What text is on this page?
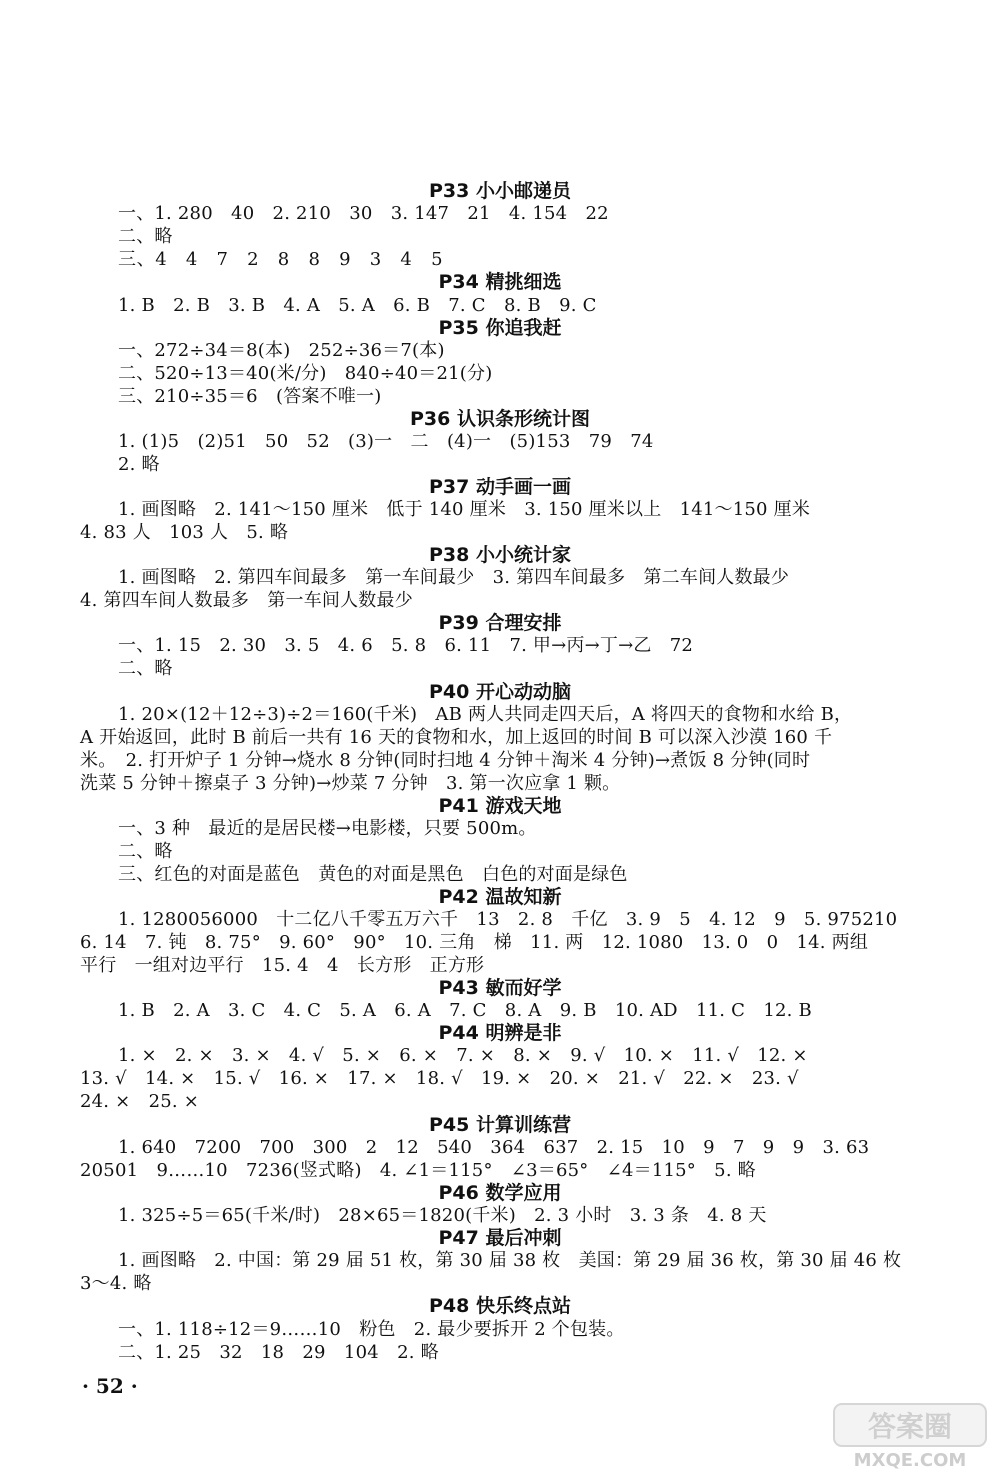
P33 小小邮递员
一、1. 280　40　2. 210　30　3. 147　21　4. 154　22
二、略
三、4　4　7　2　8　8　9　3　4　5
P34 精挑细选
1. B　2. B　3. B　4. A　5. A　6. B　7. C　8. B　9. C
P35 你追我赶
一、272÷34＝8(本)　252÷36＝7(本)
二、520÷13＝40(米/分)　840÷40＝21(分)
三、210÷35＝6　(答案不唯一)
P36 认识条形统计图
1. (1)5　(2)51　50　52　(3)一　二　(4)一　(5)153　79　74
2. 略
P37 动手画一画
1. 画图略　2. 141～150 厘米　低于 140 厘米　3. 150 厘米以上　141～150 厘米
4. 83 人　103 人　5. 略
P38 小小统计家
1. 画图略　2. 第四车间最多　第一车间最少　3. 第四车间最多　第二车间人数最少
4. 第四车间人数最多　第一车间人数最少
P39 合理安排
一、1. 15　2. 30　3. 5　4. 6　5. 8　6. 11　7. 甲→丙→丁→乙　72
二、略
P40 开心动动脑
1. 20×(12＋12÷3)÷2＝160(千米)　AB 两人共同走四天后，A 将四天的食物和水给 B，
A 开始返回，此时 B 前后一共有 16 天的食物和水，加上返回的时间 B 可以深入沙漠 160 千
米。　2. 打开炉子 1 分钟→烧水 8 分钟(同时扫地 4 分钟＋淘米 4 分钟)→煮饭 8 分钟(同时
洗菜 5 分钟＋擦桌子 3 分钟)→炒菜 7 分钟　3. 第一次应拿 1 颗。
P41 游戏天地
一、3 种　最近的是居民楼→电影楼，只要 500m。
二、略
三、红色的对面是蓝色　黄色的对面是黑色　白色的对面是绿色
P42 温故知新
1. 1280056000　十二亿八千零五万六千　13　2. 8　千亿　3. 9　5　4. 12　9　5. 975210
6. 14　7. 钝　8. 75°　9. 60°　90°　10. 三角　梯　11. 两　12. 1080　13. 0　0　14. 两组
平行　一组对边平行　15. 4　4　长方形　正方形
P43 敏而好学
1. B　2. A　3. C　4. C　5. A　6. A　7. C　8. A　9. B　10. AD　11. C　12. B
P44 明辨是非
1. ×　2. ×　3. ×　4. √　5. ×　6. ×　7. ×　8. ×　9. √　10. ×　11. √　12. ×
13. √　14. ×　15. √　16. ×　17. ×　18. √　19. ×　20. ×　21. √　22. ×　23. √
24. ×　25. ×
P45 计算训练营
1. 640　7200　700　300　2　12　540　364　637　2. 15　10　9　7　9　9　3. 63
20501　9……10　7236(竖式略)　4. ∠1＝115°　∠3＝65°　∠4＝115°　5. 略
P46 数学应用
1. 325÷5＝65(千米/时)　28×65＝1820(千米)　2. 3 小时　3. 3 条　4. 8 天
P47 最后冲刺
1. 画图略　2. 中国：第 29 届 51 枚，第 30 届 38 枚　美国：第 29 届 36 枚，第 30 届 46 枚
3～4. 略
P48 快乐终点站
一、1. 118÷12＝9……10　粉色　2. 最少要拆开 2 个包装。
二、1. 25　32　18　29　104　2. 略
· 52 ·
答案圈
MXQE.COM
